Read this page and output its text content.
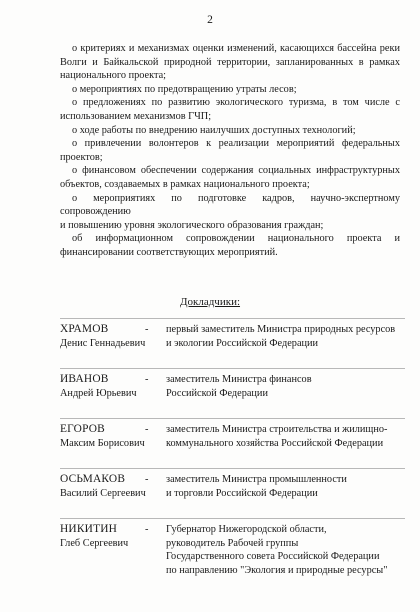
2

о критериях и механизмах оценки изменений, касающихся бассейна реки Волги и Байкальской природной территории, запланированных в рамках национального проекта;

о мероприятиях по предотвращению утраты лесов;

о предложениях по развитию экологического туризма, в том числе с использованием механизмов ГЧП;

о ходе работы по внедрению наилучших доступных технологий;

о привлечении волонтеров к реализации мероприятий федеральных проектов;

о финансовом обеспечении содержания социальных инфраструктурных объектов, создаваемых в рамках национального проекта;

о мероприятиях по подготовке кадров, научно-экспертному сопровождению

и повышению уровня экологического образования граждан;

об информационном сопровождении национального проекта и финансировании соответствующих мероприятий.

Докладчики:
ХРАМОВ
Денис Геннадьевич
- первый заместитель Министра природных ресурсов
и экологии Российской Федерации
ИВАНОВ
Андрей Юрьевич
- заместитель Министра финансов
Российской Федерации
ЕГОРОВ
Максим Борисович
- заместитель Министра строительства и жилищно-
коммунального хозяйства Российской Федерации
ОСЬМАКОВ
Василий Сергеевич
- заместитель Министра промышленности
и торговли Российской Федерации
НИКИТИН
Глеб Сергеевич
- Губернатор Нижегородской области,
руководитель Рабочей группы
Государственного совета Российской Федерации
по направлению "Экология и природные ресурсы"
